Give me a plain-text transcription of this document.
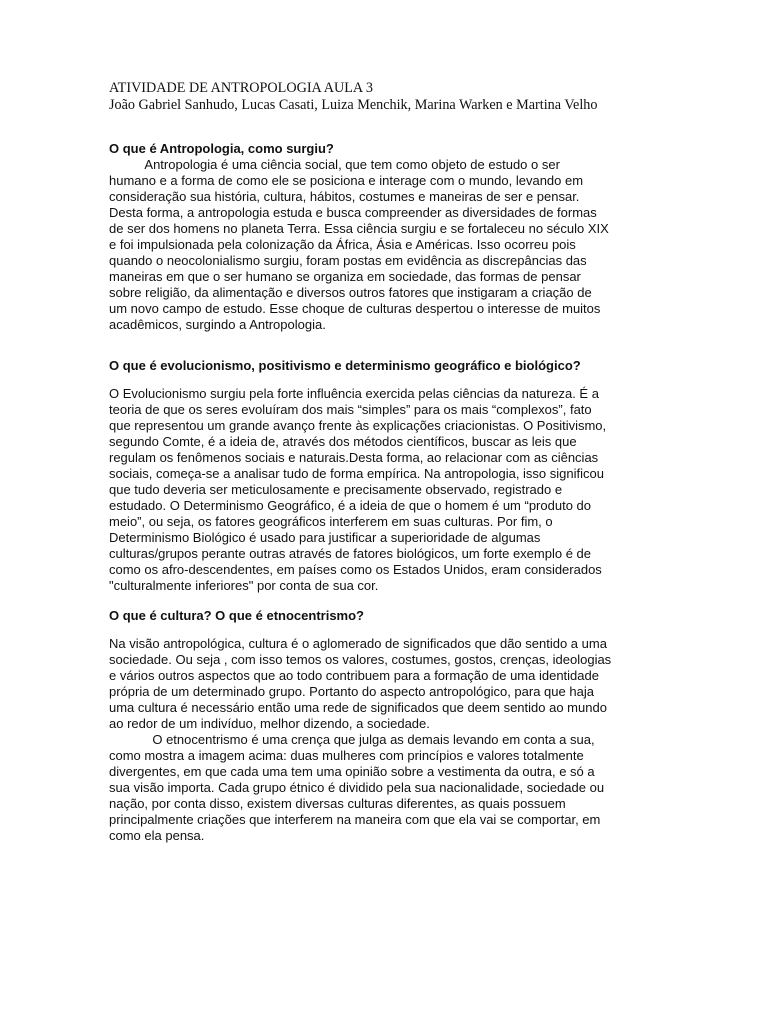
ATIVIDADE DE ANTROPOLOGIA AULA 3

João Gabriel Sanhudo, Lucas Casati, Luiza Menchik, Marina Warken e Martina Velho

O que é Antropologia, como surgiu?

Antropologia é uma ciência social, que tem como objeto de estudo o ser
humano e a forma de como ele se posiciona e interage com o mundo, levando em
consideração sua história, cultura, hábitos, costumes e maneiras de ser e pensar.
Desta forma, a antropologia estuda e busca compreender as diversidades de formas
de ser dos homens no planeta Terra. Essa ciência surgiu e se fortaleceu no século XIX
e foi impulsionada pela colonização da África, Ásia e Américas. Isso ocorreu pois
quando o neocolonialismo surgiu, foram postas em evidência as discrepâncias das
maneiras em que o ser humano se organiza em sociedade, das formas de pensar
sobre religião, da alimentação e diversos outros fatores que instigaram a criação de
um novo campo de estudo. Esse choque de culturas despertou o interesse de muitos
acadêmicos, surgindo a Antropologia.

O que é evolucionismo, positivismo e determinismo geográfico e biológico?

O Evolucionismo surgiu pela forte influência exercida pelas ciências da natureza. É a
teoria de que os seres evoluíram dos mais “simples” para os mais “complexos”, fato
que representou um grande avanço frente às explicações criacionistas. O Positivismo,
segundo Comte, é a ideia de, através dos métodos científicos, buscar as leis que
regulam os fenômenos sociais e naturais.Desta forma, ao relacionar com as ciências
sociais, começa-se a analisar tudo de forma empírica. Na antropologia, isso significou
que tudo deveria ser meticulosamente e precisamente observado, registrado e
estudado. O Determinismo Geográfico, é a ideia de que o homem é um “produto do
meio”, ou seja, os fatores geográficos interferem em suas culturas. Por fim, o
Determinismo Biológico é usado para justificar a superioridade de algumas
culturas/grupos perante outras através de fatores biológicos, um forte exemplo é de
como os afro-descendentes, em países como os Estados Unidos, eram considerados
"culturalmente inferiores" por conta de sua cor.

O que é cultura? O que é etnocentrismo?

Na visão antropológica, cultura é o aglomerado de significados que dão sentido a uma
sociedade. Ou seja , com isso temos os valores, costumes, gostos, crenças, ideologias
e vários outros aspectos que ao todo contribuem para a formação de uma identidade
própria de um determinado grupo. Portanto do aspecto antropológico, para que haja
uma cultura é necessário então uma rede de significados que deem sentido ao mundo
ao redor de um indivíduo, melhor dizendo, a sociedade.
O etnocentrismo é uma crença que julga as demais levando em conta a sua,
como mostra a imagem acima: duas mulheres com princípios e valores totalmente
divergentes, em que cada uma tem uma opinião sobre a vestimenta da outra, e só a
sua visão importa. Cada grupo étnico é dividido pela sua nacionalidade, sociedade ou
nação, por conta disso, existem diversas culturas diferentes, as quais possuem
principalmente criações que interferem na maneira com que ela vai se comportar, em
como ela pensa.
